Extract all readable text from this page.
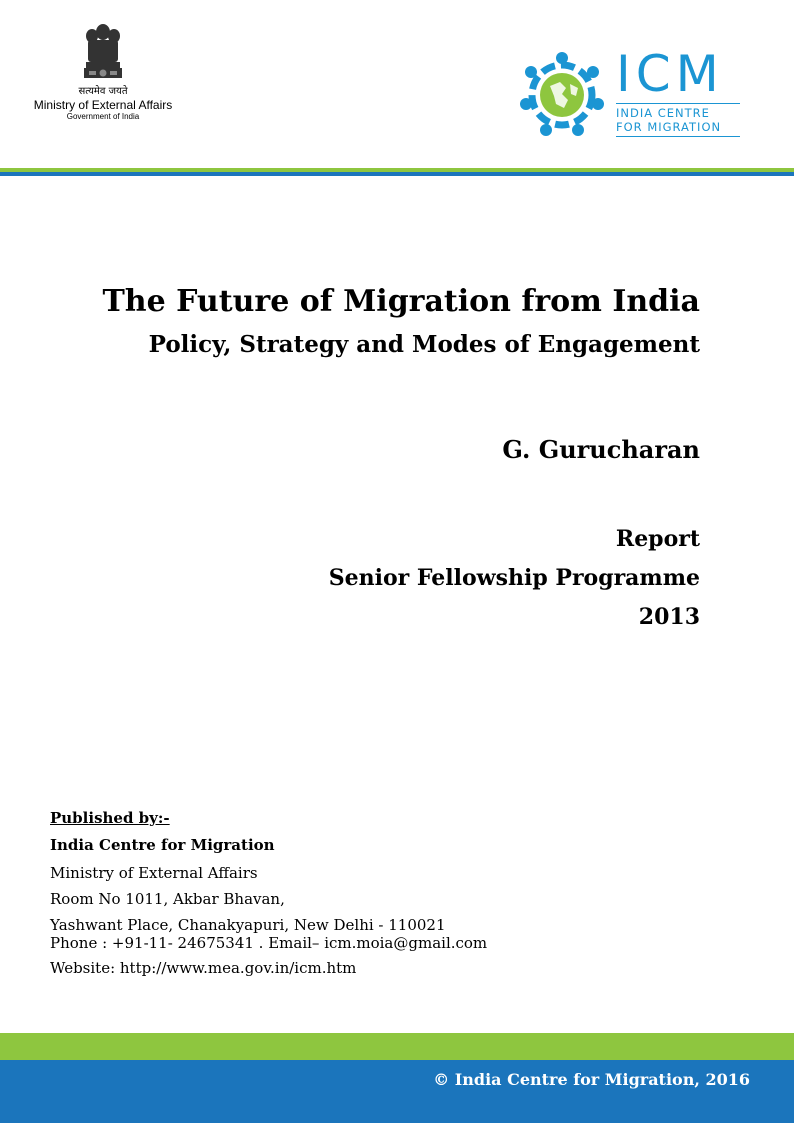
सत्यमेव जयते
Ministry of External Affairs
Government of India
ICM
INDIA CENTRE
FOR MIGRATION
The Future of Migration from India
Policy, Strategy and Modes of Engagement
G. Gurucharan
Report
Senior Fellowship Programme
2013
Published by:-
India Centre for Migration
Ministry of External Affairs
Room No 1011, Akbar Bhavan,
Yashwant Place, Chanakyapuri, New Delhi - 110021
Phone : +91-11- 24675341 . Email– icm.moia@gmail.com
Website: http://www.mea.gov.in/icm.htm
© India Centre for Migration, 2016
